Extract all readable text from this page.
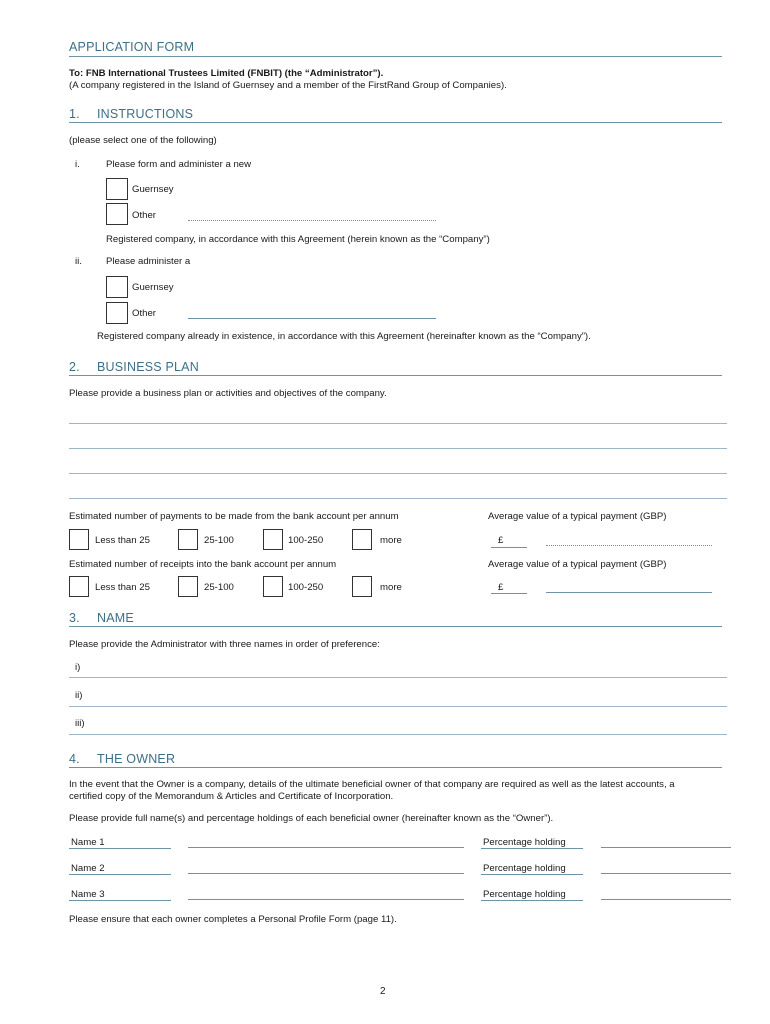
APPLICATION FORM
To: FNB International Trustees Limited (FNBIT) (the “Administrator”).
(A company registered in the Island of Guernsey and a member of the FirstRand Group of Companies).
1. INSTRUCTIONS
(please select one of the following)
i.	Please form and administer a new
Guernsey
Other
Registered company, in accordance with this Agreement (herein known as the “Company”)
ii.	Please administer a
Guernsey
Other
Registered company already in existence, in accordance with this Agreement (hereinafter known as the “Company”).
2. BUSINESS PLAN
Please provide a business plan or activities and objectives of the company.
Estimated number of payments to be made from the bank account per annum	Average value of a typical payment (GBP)
Less than 25	25-100	100-250	more	£
Estimated number of receipts into the bank account per annum	Average value of a typical payment (GBP)
Less than 25	25-100	100-250	more	£
3. NAME
Please provide the Administrator with three names in order of preference:
i)
ii)
iii)
4. THE OWNER
In the event that the Owner is a company, details of the ultimate beneficial owner of that company are required as well as the latest accounts, a
certified copy of the Memorandum & Articles and Certificate of Incorporation.
Please provide full name(s) and percentage holdings of each beneficial owner (hereinafter known as the “Owner”).
Name 1	Percentage holding
Name 2	Percentage holding
Name 3	Percentage holding
Please ensure that each owner completes a Personal Profile Form (page 11).
2
